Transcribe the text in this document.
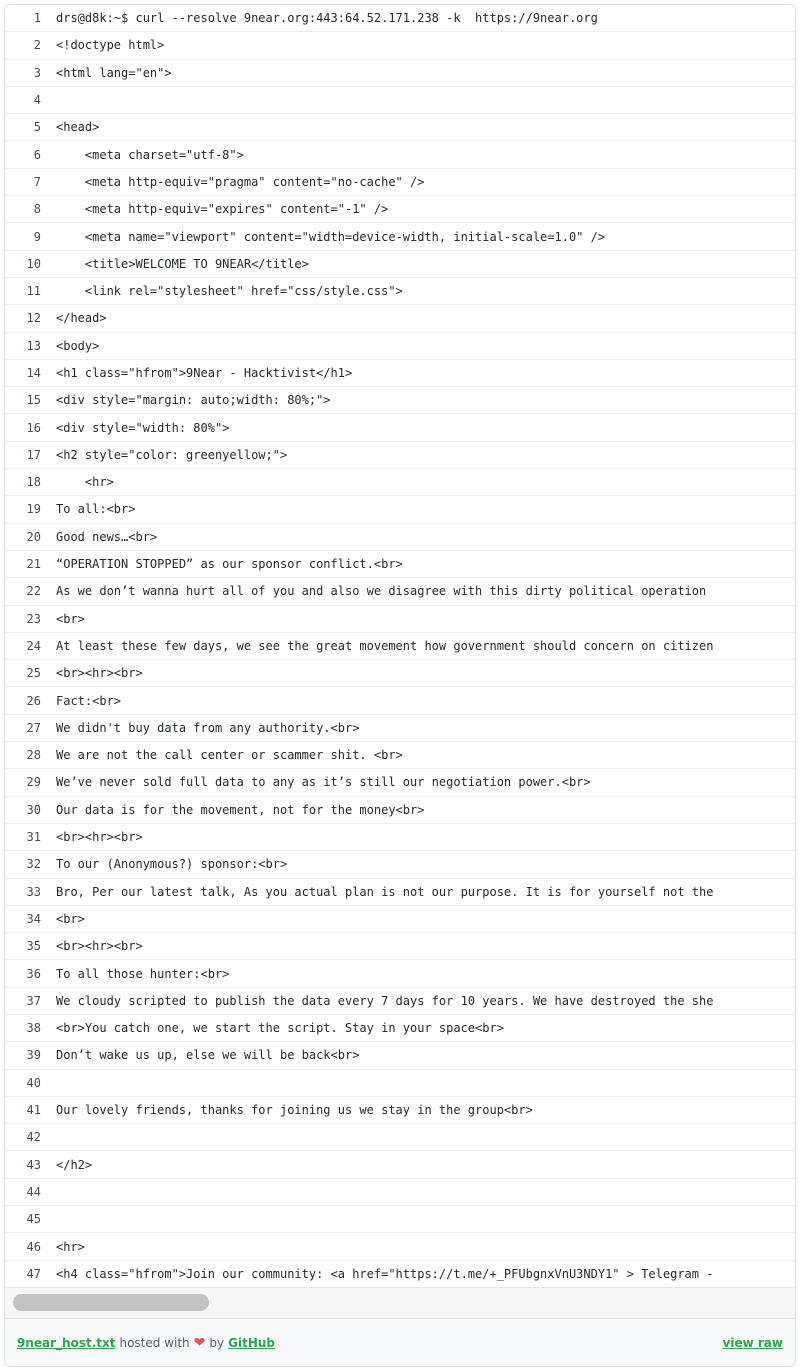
1	drs@d8k:~$ curl --resolve 9near.org:443:64.52.171.238 -k  https://9near.org
2	<!doctype html>
3	<html lang="en">
4
5	<head>
6	<meta charset="utf-8">
7	<meta http-equiv="pragma" content="no-cache" />
8	<meta http-equiv="expires" content="-1" />
9	<meta name="viewport" content="width=device-width, initial-scale=1.0" />
10	<title>WELCOME TO 9NEAR</title>
11	<link rel="stylesheet" href="css/style.css">
12	</head>
13	<body>
14	<h1 class="hfrom">9Near - Hacktivist</h1>
15	<div style="margin: auto;width: 80%;">
16	<div style="width: 80%">
17	<h2 style="color: greenyellow;">
18	<hr>
19	To all:<br>
20	Good news…<br>
21	“OPERATION STOPPED” as our sponsor conflict.<br>
22	As we don’t wanna hurt all of you and also we disagree with this dirty political operation
23	<br>
24	At least these few days, we see the great movement how government should concern on citizen
25	<br><hr><br>
26	Fact:<br>
27	We didn't buy data from any authority.<br>
28	We are not the call center or scammer shit. <br>
29	We’ve never sold full data to any as it’s still our negotiation power.<br>
30	Our data is for the movement, not for the money<br>
31	<br><hr><br>
32	To our (Anonymous?) sponsor:<br>
33	Bro, Per our latest talk, As you actual plan is not our purpose. It is for yourself not the
34	<br>
35	<br><hr><br>
36	To all those hunter:<br>
37	We cloudy scripted to publish the data every 7 days for 10 years. We have destroyed the she
38	<br>You catch one, we start the script. Stay in your space<br>
39	Don’t wake us up, else we will be back<br>
40
41	Our lovely friends, thanks for joining us we stay in the group<br>
42
43	</h2>
44
45
46	<hr>
47	<h4 class="hfrom">Join our community: <a href="https://t.me/+_PFUbgnxVnU3NDY1" > Telegram -
9near_host.txt hosted with ❤ by GitHub	view raw
